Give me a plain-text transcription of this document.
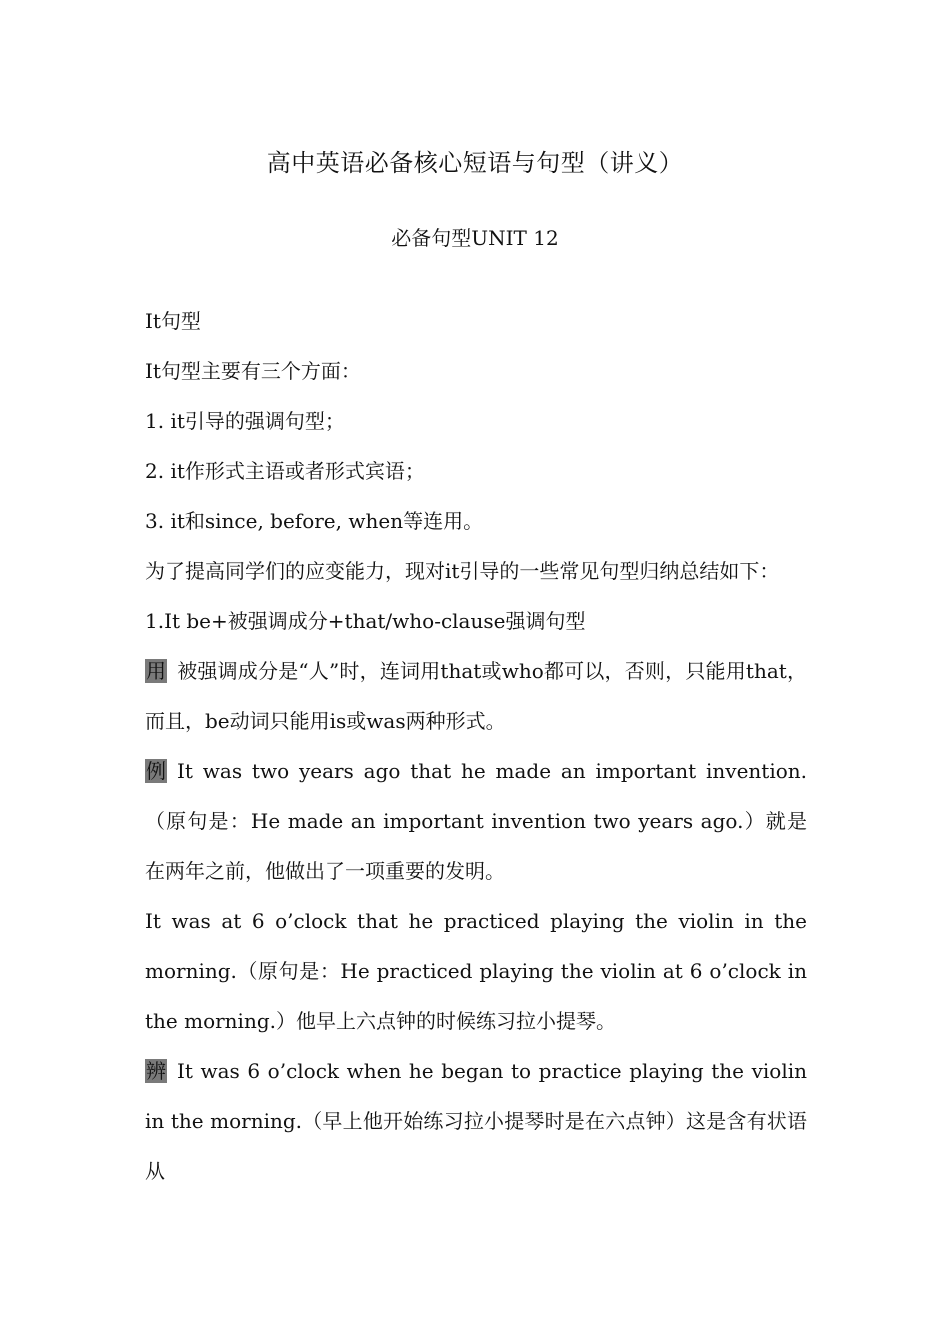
高中英语必备核心短语与句型（讲义）
必备句型UNIT 12

It句型

It句型主要有三个方面：

1. it引导的强调句型；

2. it作形式主语或者形式宾语；

3. it和since, before, when等连用。

为了提高同学们的应变能力，现对it引导的一些常见句型归纳总结如下：

1.It be+被强调成分+that/who-clause强调句型

用 被强调成分是“人”时，连词用that或who都可以，否则，只能用that，而且，be动词只能用is或was两种形式。

例 It was two years ago that he made an important invention.（原句是：He made an important invention two years ago.）就是在两年之前，他做出了一项重要的发明。

It was at 6 o’clock that he practiced playing the violin in the morning.（原句是：He practiced playing the violin at 6 o’clock in the morning.）他早上六点钟的时候练习拉小提琴。

辨 It was 6 o’clock when he began to practice playing the violin in the morning.（早上他开始练习拉小提琴时是在六点钟）这是含有状语从
